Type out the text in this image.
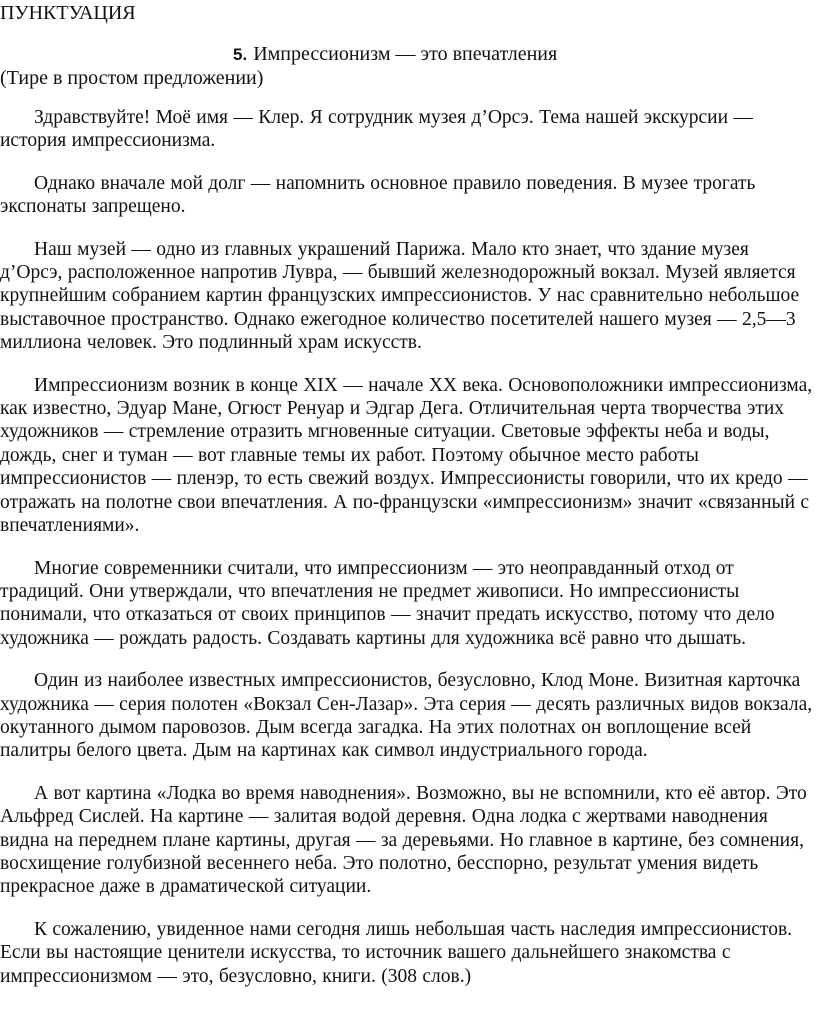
ПУНКТУАЦИЯ
5. Импрессионизм — это впечатления
(Тире в простом предложении)

Здравствуйте! Моё имя — Клер. Я сотрудник музея д’Орсэ. Тема нашей экскурсии — история импрессионизма.

Однако вначале мой долг — напомнить основное правило поведения. В музее трогать экспонаты запрещено.

Наш музей — одно из главных украшений Парижа. Мало кто знает, что здание музея д’Орсэ, расположенное напротив Лувра, — бывший железнодорожный вокзал. Музей является крупнейшим собранием картин французских импрессионистов. У нас сравнительно небольшое выставочное пространство. Однако ежегодное количество посетителей нашего музея — 2,5—3 миллиона человек. Это подлинный храм искусств.

Импрессионизм возник в конце XIX — начале XX века. Основоположники импрессионизма, как известно, Эдуар Мане, Огюст Ренуар и Эдгар Дега. Отличительная черта творчества этих художников — стремление отразить мгновенные ситуации. Световые эффекты неба и воды, дождь, снег и туман — вот главные темы их работ. Поэтому обычное место работы импрессионистов — пленэр, то есть свежий воздух. Импрессионисты говорили, что их кредо — отражать на полотне свои впечатления. А по-французски «импрессионизм» значит «связанный с впечатлениями».

Многие современники считали, что импрессионизм — это неоправданный отход от традиций. Они утверждали, что впечатления не предмет живописи. Но импрессионисты понимали, что отказаться от своих принципов — значит предать искусство, потому что дело художника — рождать радость. Создавать картины для художника всё равно что дышать.

Один из наиболее известных импрессионистов, безусловно, Клод Моне. Визитная карточка художника — серия полотен «Вокзал Сен-Лазар». Эта серия — десять различных видов вокзала, окутанного дымом паровозов. Дым всегда загадка. На этих полотнах он воплощение всей палитры белого цвета. Дым на картинах как символ индустриального города.

А вот картина «Лодка во время наводнения». Возможно, вы не вспомнили, кто её автор. Это Альфред Сислей. На картине — залитая водой деревня. Одна лодка с жертвами наводнения видна на переднем плане картины, другая — за деревьями. Но главное в картине, без сомнения, восхищение голубизной весеннего неба. Это полотно, бесспорно, результат умения видеть прекрасное даже в драматической ситуации.

К сожалению, увиденное нами сегодня лишь небольшая часть наследия импрессионистов. Если вы настоящие ценители искусства, то источник вашего дальнейшего знакомства с импрессионизмом — это, безусловно, книги. (308 слов.)
